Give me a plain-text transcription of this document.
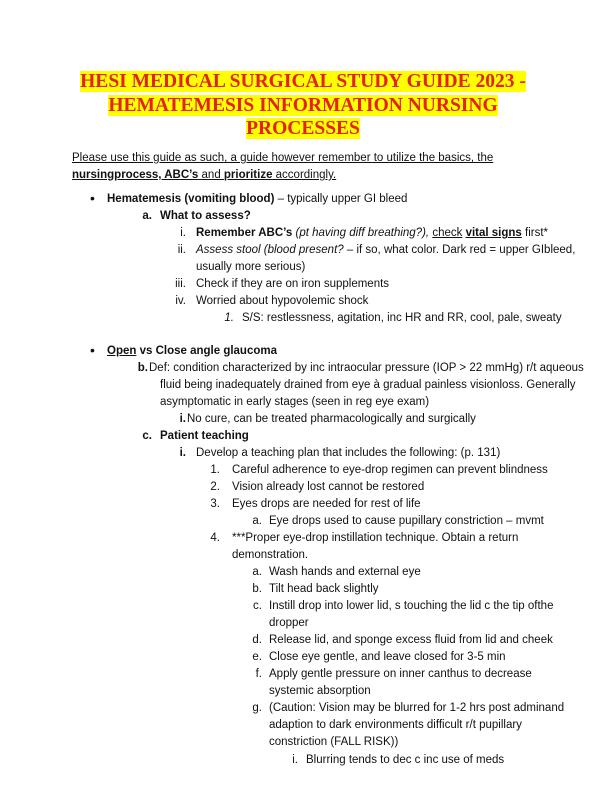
HESI MEDICAL SURGICAL STUDY GUIDE 2023 -
HEMATEMESIS INFORMATION NURSING
PROCESSES
Please use this guide as such, a guide however remember to utilize the basics, the nursingprocess, ABC’s and prioritize accordingly.
• Hematemesis (vomiting blood) – typically upper GI bleed
a. What to assess?
i. Remember ABC’s (pt having diff breathing?), check vital signs first*
ii. Assess stool (blood present? – if so, what color. Dark red = upper GIbleed,
usually more serious)
iii. Check if they are on iron supplements
iv. Worried about hypovolemic shock
1. S/S: restlessness, agitation, inc HR and RR, cool, pale, sweaty
• Open vs Close angle glaucoma
b. Def: condition characterized by inc intraocular pressure (IOP > 22 mmHg) r/t aqueous
fluid being inadequately drained from eye à gradual painless visionloss. Generally
asymptomatic in early stages (seen in reg eye exam)
i. No cure, can be treated pharmacologically and surgically
c. Patient teaching
i. Develop a teaching plan that includes the following: (p. 131)
1. Careful adherence to eye-drop regimen can prevent blindness
2. Vision already lost cannot be restored
3. Eyes drops are needed for rest of life
a. Eye drops used to cause pupillary constriction – mvmt
4. ***Proper eye-drop instillation technique. Obtain a return
demonstration.
a. Wash hands and external eye
b. Tilt head back slightly
c. Instill drop into lower lid, s touching the lid c the tip ofthe
dropper
d. Release lid, and sponge excess fluid from lid and cheek
e. Close eye gentle, and leave closed for 3-5 min
f. Apply gentle pressure on inner canthus to decrease
systemic absorption
g. (Caution: Vision may be blurred for 1-2 hrs post adminand
adaption to dark environments difficult r/t pupillary
constriction (FALL RISK))
i. Blurring tends to dec c inc use of meds
